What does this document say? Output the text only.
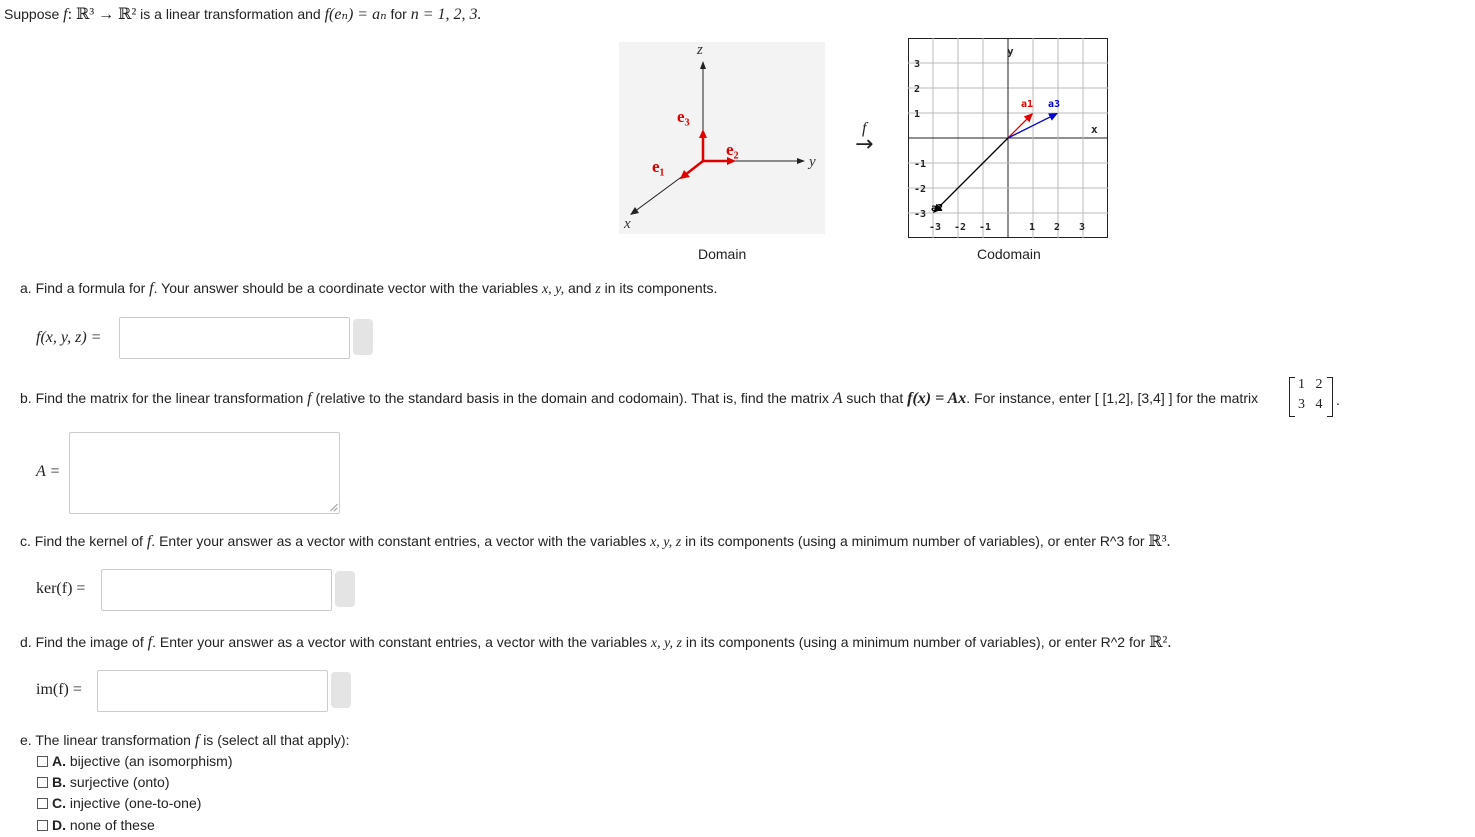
Suppose f: ℝ³ → ℝ² is a linear transformation and f(eₙ) = aₙ for n = 1, 2, 3.
z
y
x
e₃
e₂
e₁
Domain
f
→
-3 -2 -1	1 2 3
3
2
1
-1
-2
-3
a1
a2
a3
y
x
Codomain
a. Find a formula for f. Your answer should be a coordinate vector with the variables x, y, and z in its components.
f(x, y, z) =
b. Find the matrix for the linear transformation f (relative to the standard basis in the domain and codomain). That is, find the matrix A such that f(x) = Ax. For instance, enter [ [1,2], [3,4] ] for the matrix
1   2
3   4 .
A =
c. Find the kernel of f. Enter your answer as a vector with constant entries, a vector with the variables x, y, z in its components (using a minimum number of variables), or enter R^3 for ℝ³.
ker(f) =
d. Find the image of f. Enter your answer as a vector with constant entries, a vector with the variables x, y, z in its components (using a minimum number of variables), or enter R^2 for ℝ².
im(f) =
e. The linear transformation f is (select all that apply):
A. bijective (an isomorphism)
B. surjective (onto)
C. injective (one-to-one)
D. none of these
